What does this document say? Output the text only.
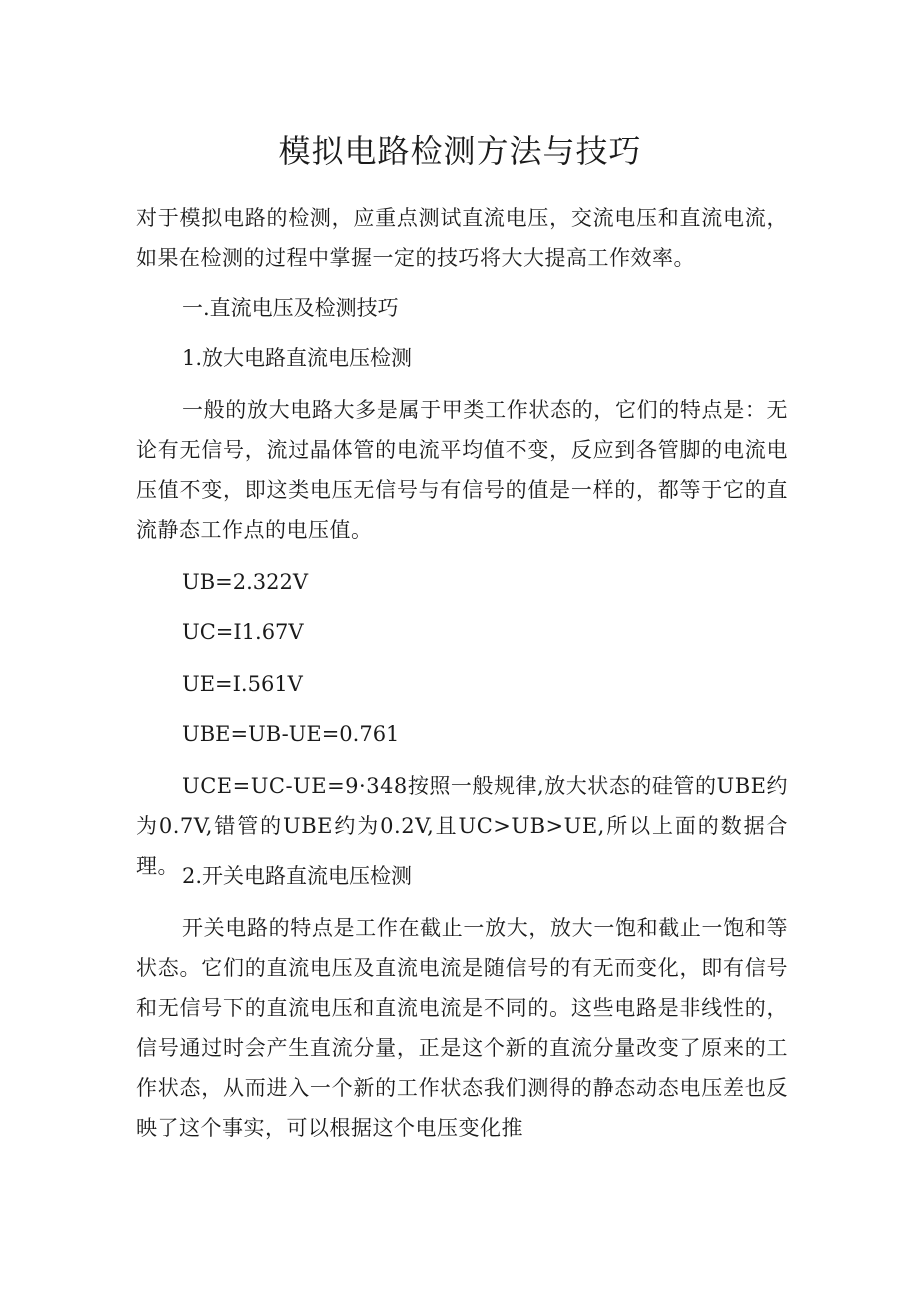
模拟电路检测方法与技巧

对于模拟电路的检测，应重点测试直流电压，交流电压和直流电流，如果在检测的过程中掌握一定的技巧将大大提高工作效率。

一.直流电压及检测技巧

1.放大电路直流电压检测

一般的放大电路大多是属于甲类工作状态的，它们的特点是：无论有无信号，流过晶体管的电流平均值不变，反应到各管脚的电流电压值不变，即这类电压无信号与有信号的值是一样的，都等于它的直流静态工作点的电压值。

UB=2.322V

UC=I1.67V

UE=I.561V

UBE=UB-UE=0.761

UCE=UC-UE=9·348按照一般规律,放大状态的硅管的UBE约为0.7V,错管的UBE约为0.2V,且UC>UB>UE,所以上面的数据合理。 2.开关电路直流电压检测

开关电路的特点是工作在截止一放大，放大一饱和截止一饱和等状态。它们的直流电压及直流电流是随信号的有无而变化，即有信号和无信号下的直流电压和直流电流是不同的。这些电路是非线性的，信号通过时会产生直流分量，正是这个新的直流分量改变了原来的工作状态，从而进入一个新的工作状态我们测得的静态动态电压差也反映了这个事实，可以根据这个电压变化推
